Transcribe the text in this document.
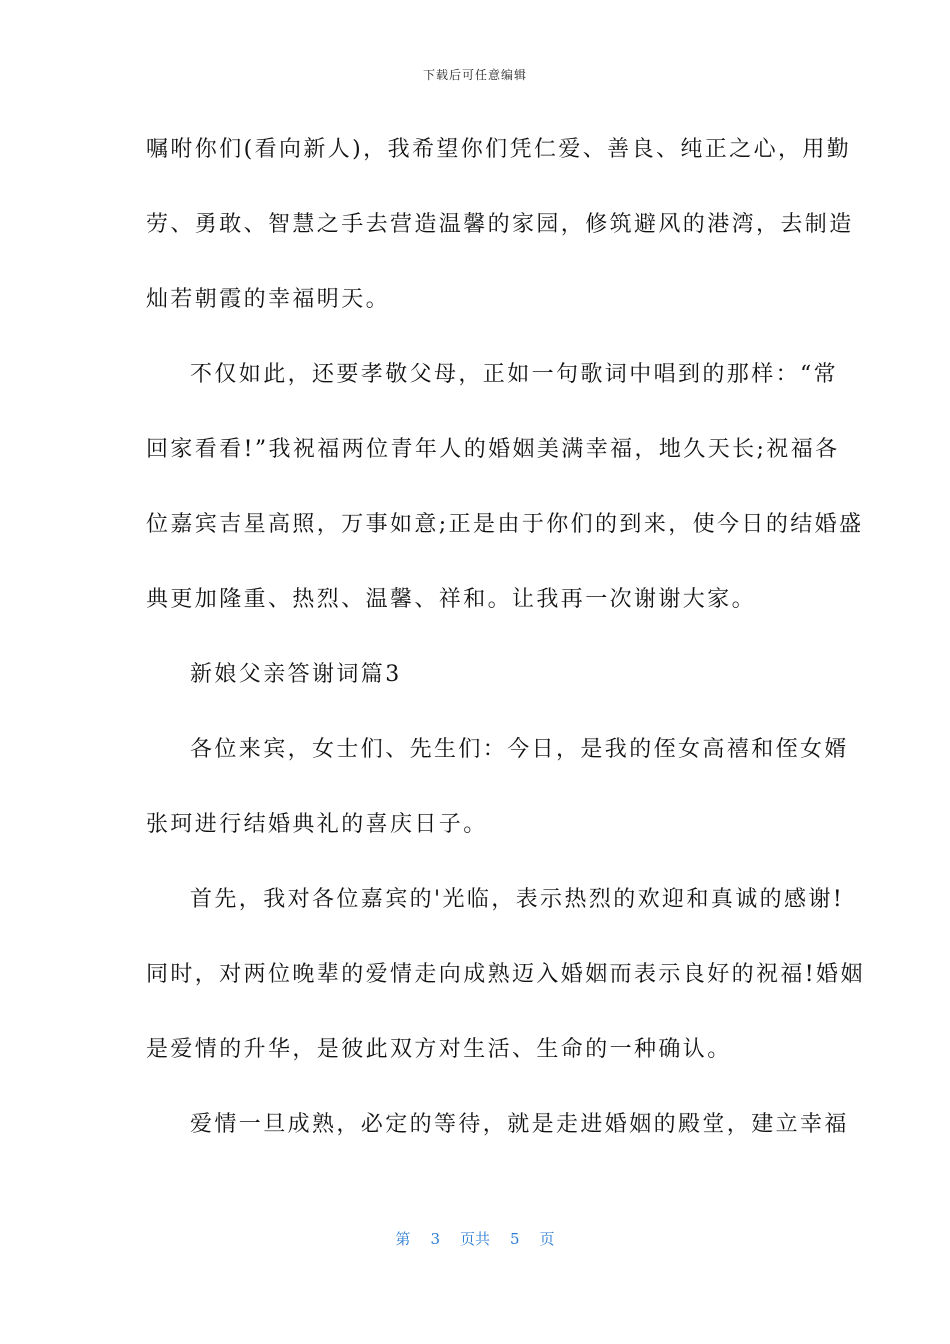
下载后可任意编辑
嘱咐你们(看向新人)，我希望你们凭仁爱、善良、纯正之心，用勤
劳、勇敢、智慧之手去营造温馨的家园，修筑避风的港湾，去制造
灿若朝霞的幸福明天。
不仅如此，还要孝敬父母，正如一句歌词中唱到的那样：“常
回家看看!”我祝福两位青年人的婚姻美满幸福，地久天长;祝福各
位嘉宾吉星高照，万事如意;正是由于你们的到来，使今日的结婚盛
典更加隆重、热烈、温馨、祥和。让我再一次谢谢大家。
新娘父亲答谢词篇3
各位来宾，女士们、先生们：今日，是我的侄女高禧和侄女婿
张珂进行结婚典礼的喜庆日子。
首先，我对各位嘉宾的'光临，表示热烈的欢迎和真诚的感谢!
同时，对两位晚辈的爱情走向成熟迈入婚姻而表示良好的祝福!婚姻
是爱情的升华，是彼此双方对生活、生命的一种确认。
爱情一旦成熟，必定的等待，就是走进婚姻的殿堂，建立幸福
第 3 页共 5 页
